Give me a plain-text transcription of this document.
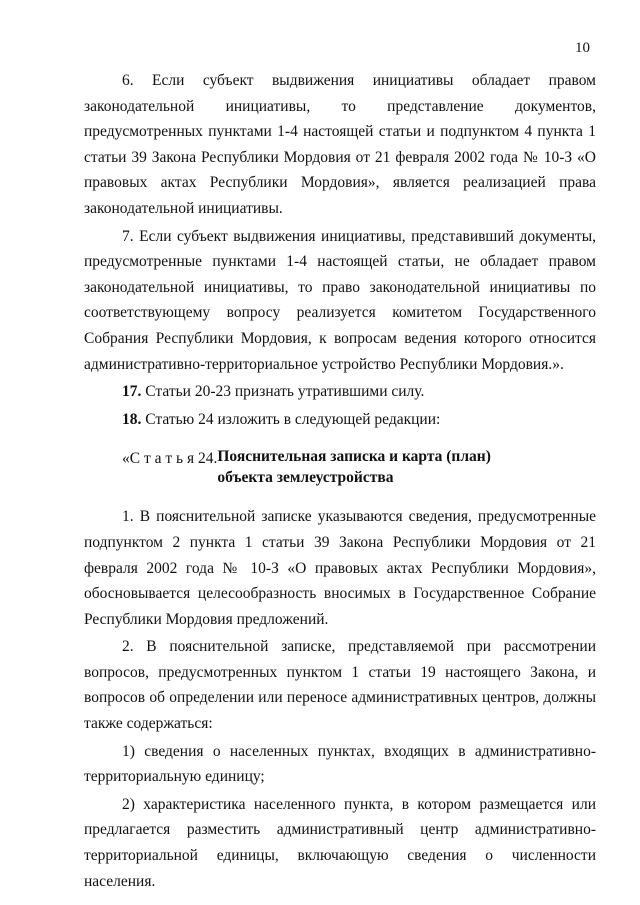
10

6. Если субъект выдвижения инициативы обладает правом законодательной инициативы, то представление документов, предусмотренных пунктами 1-4 настоящей статьи и подпунктом 4 пункта 1 статьи 39 Закона Республики Мордовия от 21 февраля 2002 года № 10-З «О правовых актах Республики Мордовия», является реализацией права законодательной инициативы.

7. Если субъект выдвижения инициативы, представивший документы, предусмотренные пунктами 1-4 настоящей статьи, не обладает правом законодательной инициативы, то право законодательной инициативы по соответствующему вопросу реализуется комитетом Государственного Собрания Республики Мордовия, к вопросам ведения которого относится административно-территориальное устройство Республики Мордовия.».

17. Статьи 20-23 признать утратившими силу.

18. Статью 24 изложить в следующей редакции:

«С т а т ь я 24. Пояснительная записка и карта (план) объекта землеустройства

1. В пояснительной записке указываются сведения, предусмотренные подпунктом 2 пункта 1 статьи 39 Закона Республики Мордовия от 21 февраля 2002 года № 10-З «О правовых актах Республики Мордовия», обосновывается целесообразность вносимых в Государственное Собрание Республики Мордовия предложений.

2. В пояснительной записке, представляемой при рассмотрении вопросов, предусмотренных пунктом 1 статьи 19 настоящего Закона, и вопросов об определении или переносе административных центров, должны также содержаться:

1) сведения о населенных пунктах, входящих в административно-территориальную единицу;

2) характеристика населенного пункта, в котором размещается или предлагается разместить административный центр административно-территориальной единицы, включающую сведения о численности населения.
